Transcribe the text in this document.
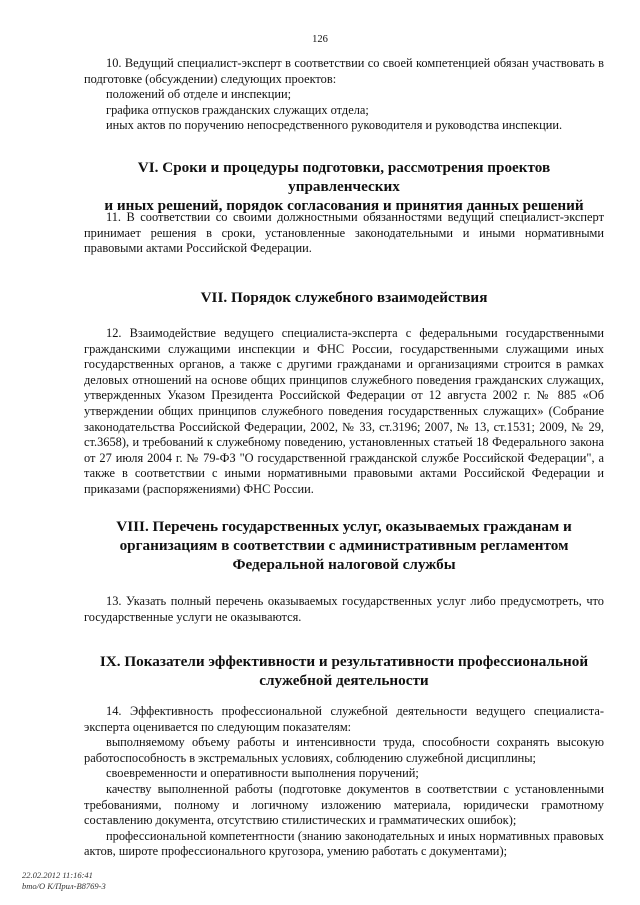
126
10. Ведущий специалист-эксперт в соответствии со своей компетенцией обязан участвовать в подготовке (обсуждении) следующих проектов:
положений об отделе и инспекции;
графика отпусков гражданских служащих отдела;
иных актов по поручению непосредственного руководителя и руководства инспекции.
VI. Сроки и процедуры подготовки, рассмотрения проектов управленческих
и иных решений, порядок согласования и принятия данных решений
11. В соответствии со своими должностными обязанностями ведущий специалист-эксперт принимает решения в сроки, установленные законодательными и иными нормативными правовыми актами Российской Федерации.
VII. Порядок служебного взаимодействия
12. Взаимодействие ведущего специалиста-эксперта с федеральными государственными гражданскими служащими инспекции и ФНС России, государственными служащими иных государственных органов, а также с другими гражданами и организациями строится в рамках деловых отношений на основе общих принципов служебного поведения гражданских служащих, утвержденных Указом Президента Российской Федерации от 12 августа 2002 г. № 885 «Об утверждении общих принципов служебного поведения государственных служащих» (Собрание законодательства Российской Федерации, 2002, № 33, ст.3196; 2007, № 13, ст.1531; 2009, № 29, ст.3658), и требований к служебному поведению, установленных статьей 18 Федерального закона от 27 июля 2004 г. № 79-ФЗ "О государственной гражданской службе Российской Федерации", а также в соответствии с иными нормативными правовыми актами Российской Федерации и приказами (распоряжениями) ФНС России.
VIII. Перечень государственных услуг, оказываемых гражданам и
организациям в соответствии с административным регламентом
Федеральной налоговой службы
13. Указать полный перечень оказываемых государственных услуг либо предусмотреть, что государственные услуги не оказываются.
IX. Показатели эффективности и результативности профессиональной
служебной деятельности
14. Эффективность профессиональной служебной деятельности ведущего специалиста-эксперта оценивается по следующим показателям:
выполняемому объему работы и интенсивности труда, способности сохранять высокую работоспособность в экстремальных условиях, соблюдению служебной дисциплины;
своевременности и оперативности выполнения поручений;
качеству выполненной работы (подготовке документов в соответствии с установленными требованиями, полному и логичному изложению материала, юридически грамотному составлению документа, отсутствию стилистических и грамматических ошибок);
профессиональной компетентности (знанию законодательных и иных нормативных правовых актов, широте профессионального кругозора, умению работать с документами);
22.02.2012 11:16:41
bmo/О К/Прил-В8769-3
